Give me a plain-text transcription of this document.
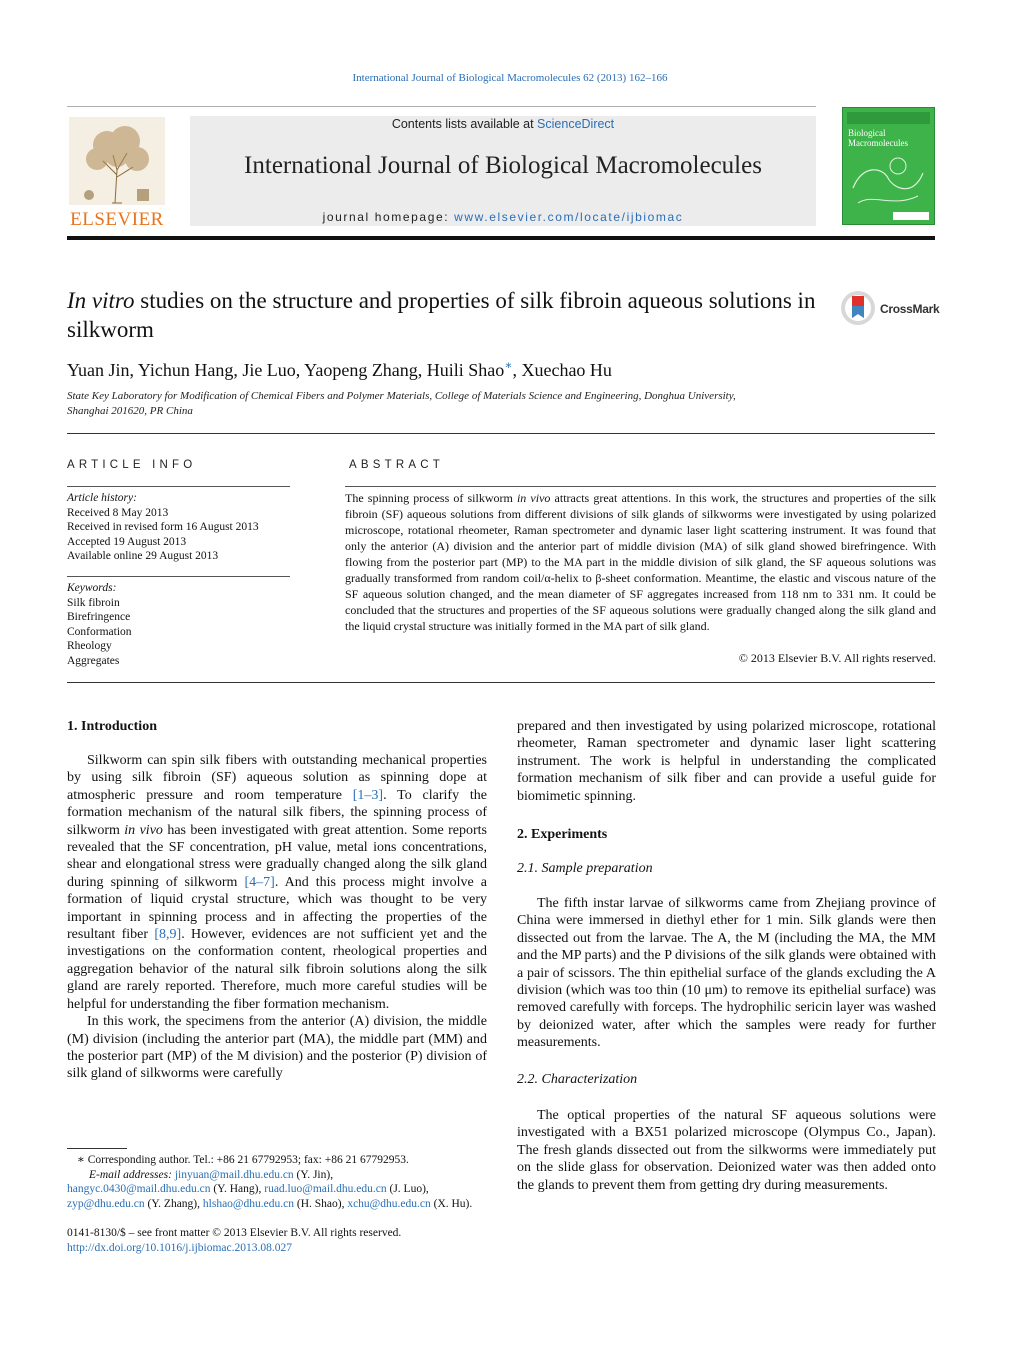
International Journal of Biological Macromolecules 62 (2013) 162–166
ELSEVIER
Contents lists available at ScienceDirect
International Journal of Biological Macromolecules
journal homepage: www.elsevier.com/locate/ijbiomac
Biological
Macromolecules
In vitro studies on the structure and properties of silk fibroin aqueous solutions in silkworm
CrossMark
Yuan Jin, Yichun Hang, Jie Luo, Yaopeng Zhang, Huili Shao∗, Xuechao Hu
State Key Laboratory for Modification of Chemical Fibers and Polymer Materials, College of Materials Science and Engineering, Donghua University,
Shanghai 201620, PR China
ARTICLE INFO
Article history:
Received 8 May 2013
Received in revised form 16 August 2013
Accepted 19 August 2013
Available online 29 August 2013
Keywords:
Silk fibroin
Birefringence
Conformation
Rheology
Aggregates
ABSTRACT
The spinning process of silkworm in vivo attracts great attentions. In this work, the structures and properties of the silk fibroin (SF) aqueous solutions from different divisions of silk glands of silkworms were investigated by using polarized microscope, rotational rheometer, Raman spectrometer and dynamic laser light scattering instrument. It was found that only the anterior (A) division and the anterior part of middle division (MA) of silk gland showed birefringence. With flowing from the posterior part (MP) to the MA part in the middle division of silk gland, the SF aqueous solutions was gradually transformed from random coil/α-helix to β-sheet conformation. Meantime, the elastic and viscous nature of the SF aqueous solution changed, and the mean diameter of SF aggregates increased from 118 nm to 331 nm. It could be concluded that the structures and properties of the SF aqueous solutions were gradually changed along the silk gland and the liquid crystal structure was initially formed in the MA part of silk gland.
© 2013 Elsevier B.V. All rights reserved.
1. Introduction

Silkworm can spin silk fibers with outstanding mechanical properties by using silk fibroin (SF) aqueous solution as spinning dope at atmospheric pressure and room temperature [1–3]. To clarify the formation mechanism of the natural silk fibers, the spinning process of silkworm in vivo has been investigated with great attention. Some reports revealed that the SF concentration, pH value, metal ions concentrations, shear and elongational stress were gradually changed along the silk gland during spinning of silkworm [4–7]. And this process might involve a formation of liquid crystal structure, which was thought to be very important in spinning process and in affecting the properties of the resultant fiber [8,9]. However, evidences are not sufficient yet and the investigations on the conformation content, rheological properties and aggregation behavior of the natural silk fibroin solutions along the silk gland are rarely reported. Therefore, much more careful studies will be helpful for understanding the fiber formation mechanism.

In this work, the specimens from the anterior (A) division, the middle (M) division (including the anterior part (MA), the middle part (MM) and the posterior part (MP) of the M division) and the posterior (P) division of silk gland of silkworms were carefully

∗ Corresponding author. Tel.: +86 21 67792953; fax: +86 21 67792953.
E-mail addresses: jinyuan@mail.dhu.edu.cn (Y. Jin),
hangyc.0430@mail.dhu.edu.cn (Y. Hang), ruad.luo@mail.dhu.edu.cn (J. Luo),
zyp@dhu.edu.cn (Y. Zhang), hlshao@dhu.edu.cn (H. Shao), xchu@dhu.edu.cn (X. Hu).
0141-8130/$ – see front matter © 2013 Elsevier B.V. All rights reserved.
http://dx.doi.org/10.1016/j.ijbiomac.2013.08.027
prepared and then investigated by using polarized microscope, rotational rheometer, Raman spectrometer and dynamic laser light scattering instrument. The work is helpful in understanding the complicated formation mechanism of silk fiber and can provide a useful guide for biomimetic spinning.
2. Experiments
2.1. Sample preparation

The fifth instar larvae of silkworms came from Zhejiang province of China were immersed in diethyl ether for 1 min. Silk glands were then dissected out from the larvae. The A, the M (including the MA, the MM and the MP parts) and the P divisions of the silk glands were obtained with a pair of scissors. The thin epithelial surface of the glands excluding the A division (which was too thin (10 μm) to remove its epithelial surface) was removed carefully with forceps. The hydrophilic sericin layer was washed by deionized water, after which the samples were ready for further measurements.

2.2. Characterization

The optical properties of the natural SF aqueous solutions were investigated with a BX51 polarized microscope (Olympus Co., Japan). The fresh glands dissected out from the silkworms were immediately put on the slide glass for observation. Deionized water was then added onto the glands to prevent them from getting dry during measurements.
